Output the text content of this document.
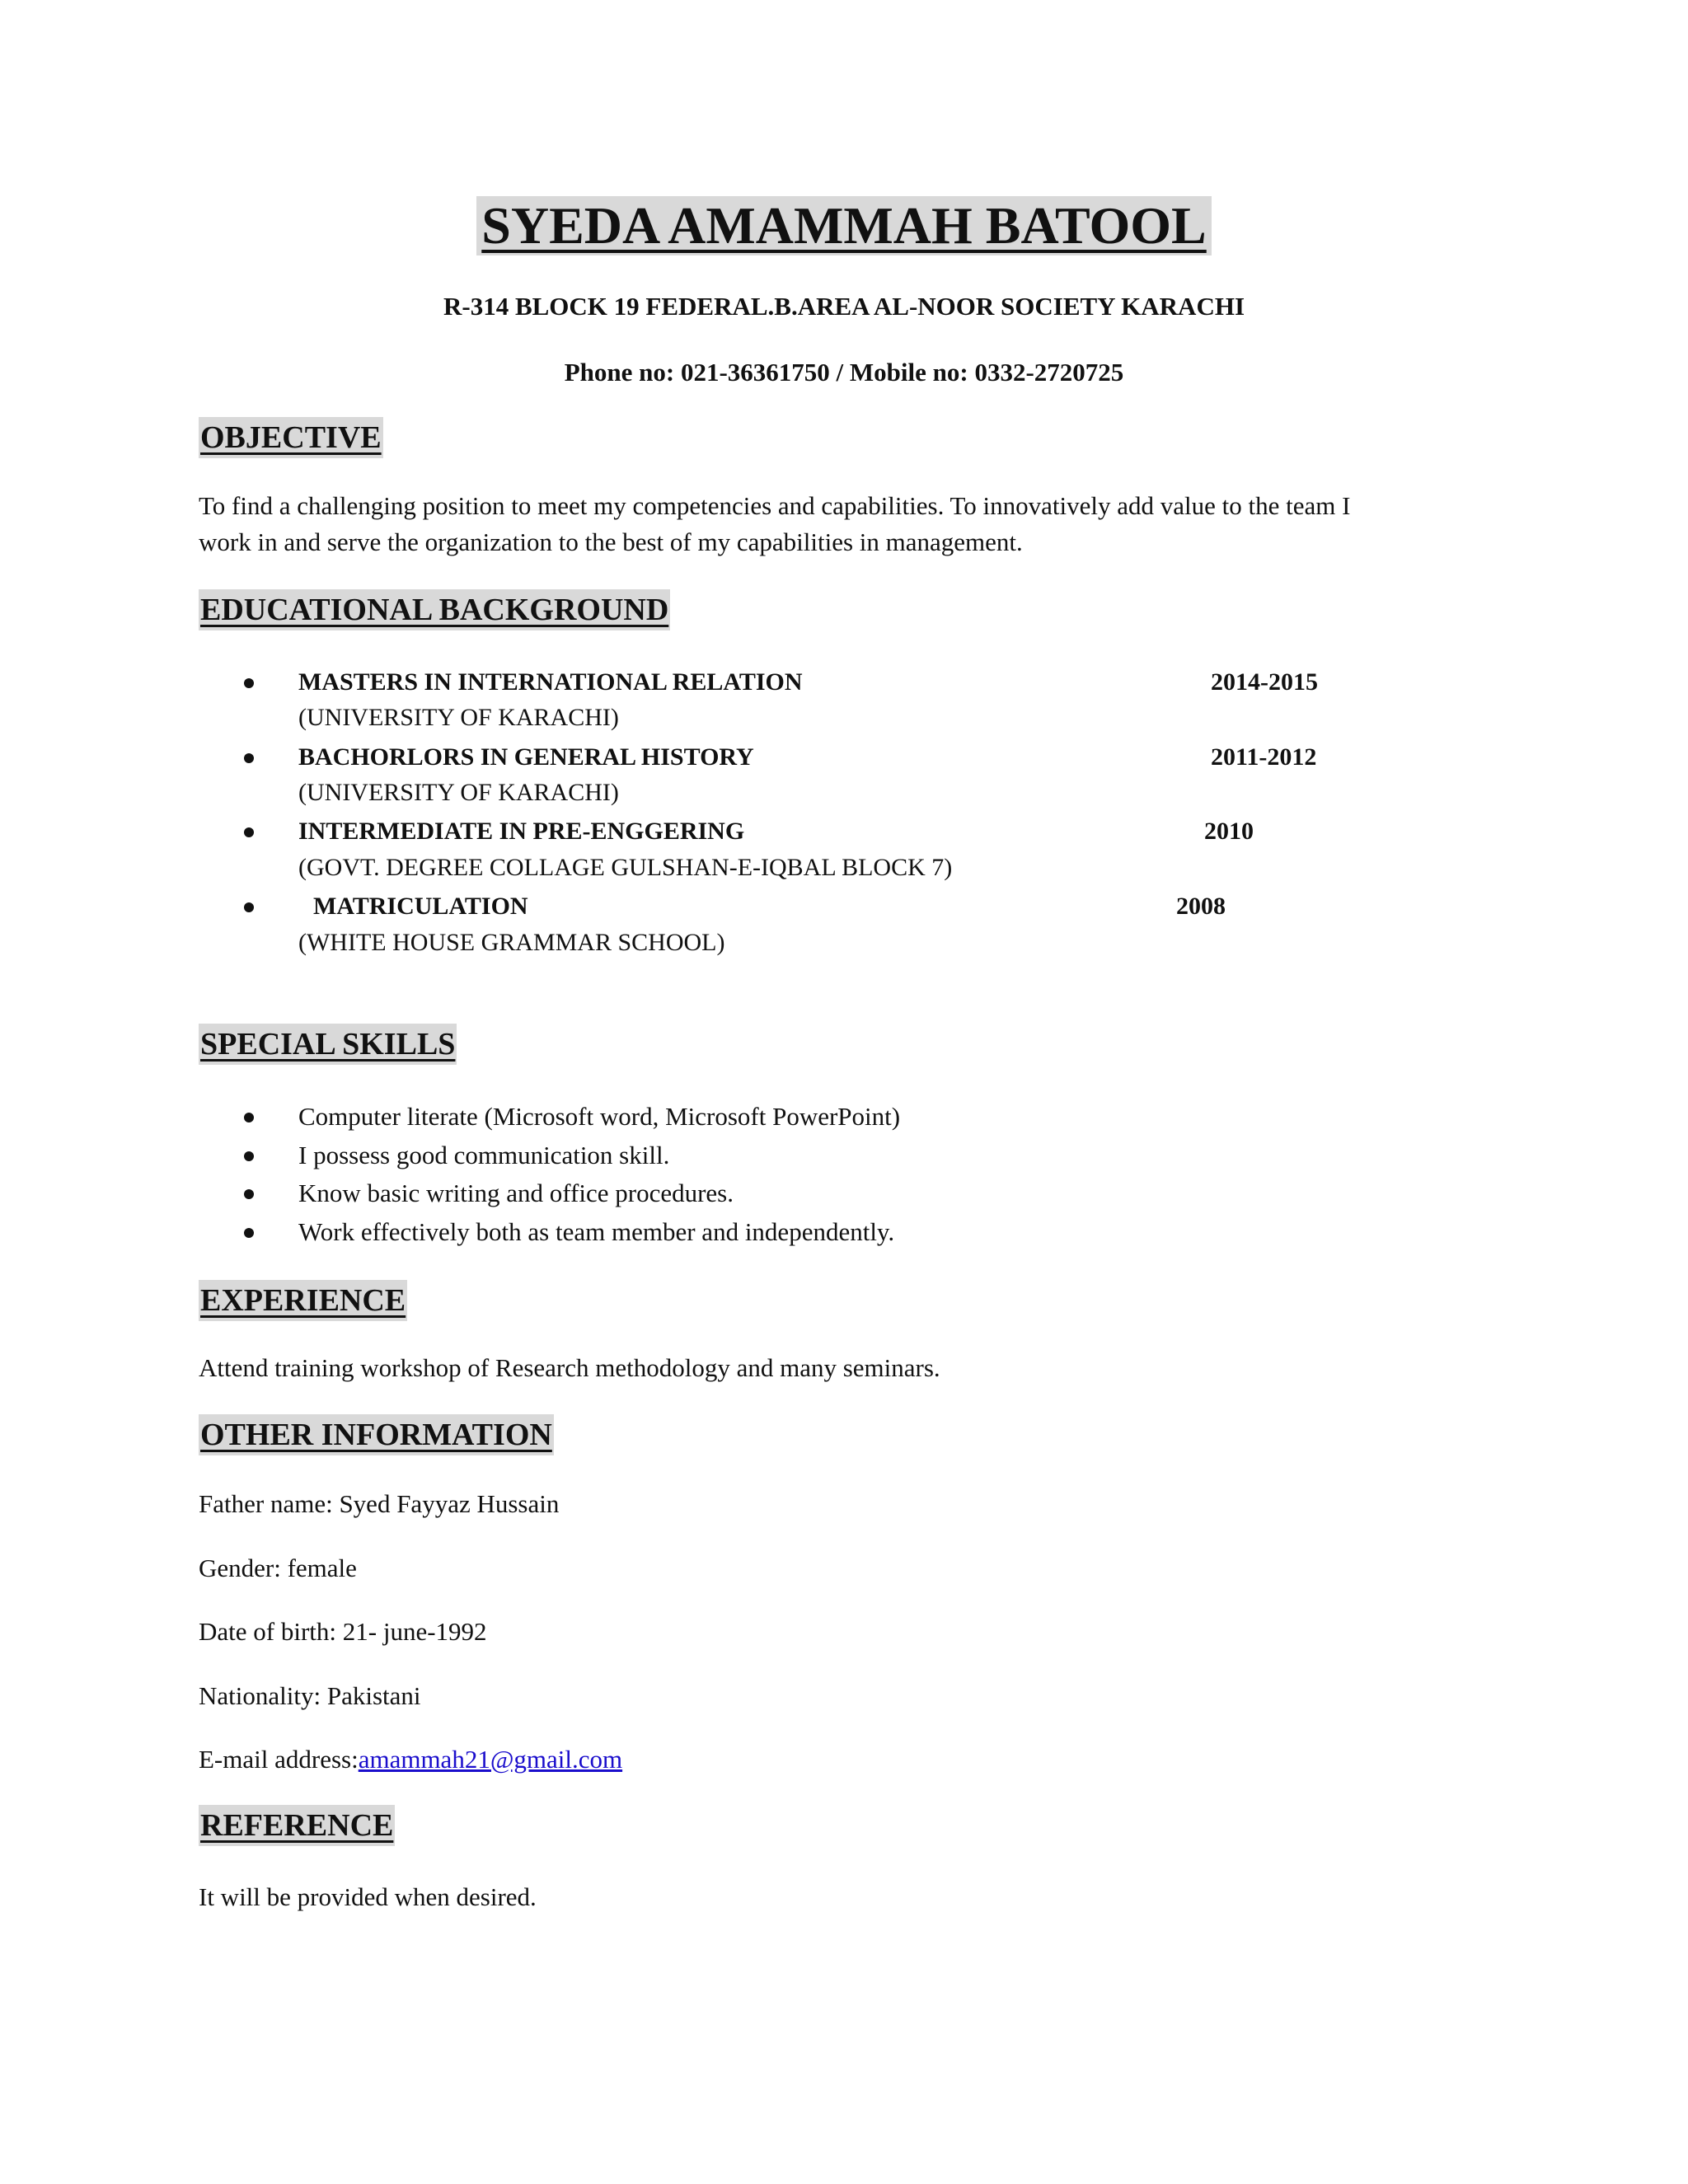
SYEDA AMAMMAH BATOOL
R-314 BLOCK 19 FEDERAL.B.AREA AL-NOOR SOCIETY KARACHI
Phone no: 021-36361750 / Mobile no: 0332-2720725
OBJECTIVE
To find a challenging position to meet my competencies and capabilities. To innovatively add value to the team I
work in and serve the organization to the best of my capabilities in management.
EDUCATIONAL BACKGROUND
MASTERS IN INTERNATIONAL RELATION	2014-2015
(UNIVERSITY OF KARACHI)
BACHORLORS IN GENERAL HISTORY	2011-2012
(UNIVERSITY OF KARACHI)
INTERMEDIATE IN PRE-ENGGERING	2010
(GOVT. DEGREE COLLAGE GULSHAN-E-IQBAL BLOCK 7)
MATRICULATION	2008
(WHITE HOUSE GRAMMAR SCHOOL)
SPECIAL SKILLS
Computer literate (Microsoft word, Microsoft PowerPoint)
I possess good communication skill.
Know basic writing and office procedures.
Work effectively both as team member and independently.
EXPERIENCE
Attend training workshop of Research methodology and many seminars.
OTHER INFORMATION
Father name: Syed Fayyaz Hussain
Gender: female
Date of birth: 21- june-1992
Nationality: Pakistani
E-mail address:amammah21@gmail.com
REFERENCE
It will be provided when desired.
